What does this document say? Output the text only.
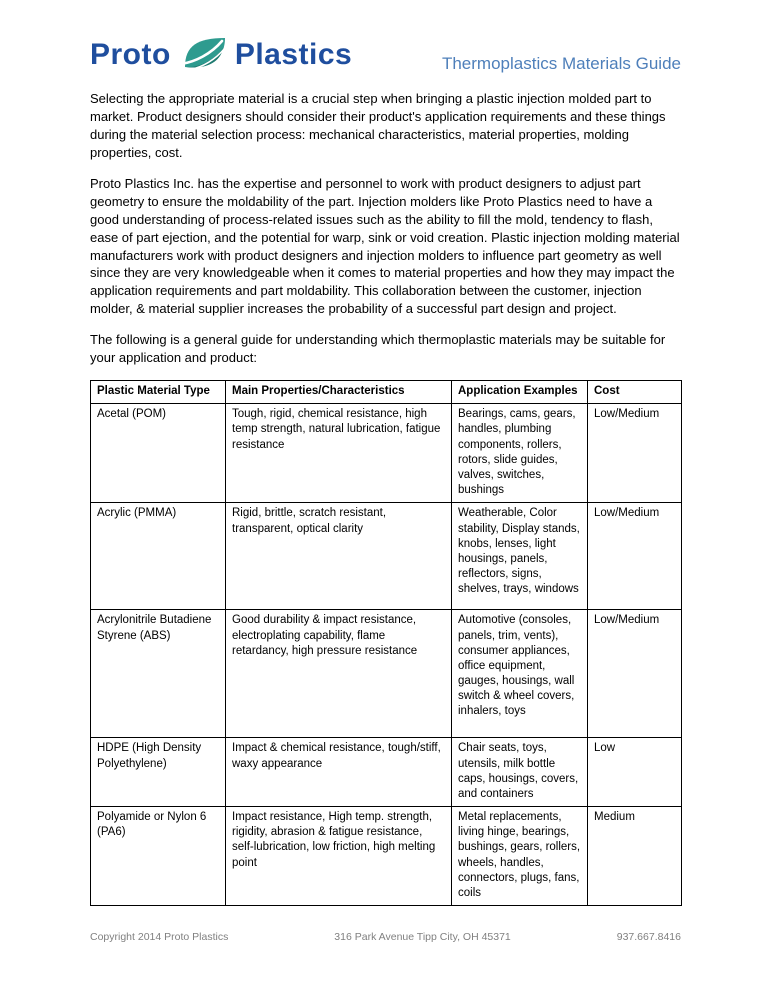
Proto Plastics	Thermoplastics Materials Guide

Selecting the appropriate material is a crucial step when bringing a plastic injection molded part to market. Product designers should consider their product's application requirements and these things during the material selection process: mechanical characteristics, material properties, molding properties, cost.

Proto Plastics Inc. has the expertise and personnel to work with product designers to adjust part geometry to ensure the moldability of the part. Injection molders like Proto Plastics need to have a good understanding of process-related issues such as the ability to fill the mold, tendency to flash, ease of part ejection, and the potential for warp, sink or void creation. Plastic injection molding material manufacturers work with product designers and injection molders to influence part geometry as well since they are very knowledgeable when it comes to material properties and how they may impact the application requirements and part moldability. This collaboration between the customer, injection molder, & material supplier increases the probability of a successful part design and project.

The following is a general guide for understanding which thermoplastic materials may be suitable for your application and product:

Plastic Material Type	Main Properties/Characteristics	Application Examples	Cost
Acetal (POM)	Tough, rigid, chemical resistance, high temp strength, natural lubrication, fatigue resistance	Bearings, cams, gears, handles, plumbing components, rollers, rotors, slide guides, valves, switches, bushings	Low/Medium
Acrylic (PMMA)	Rigid, brittle, scratch resistant, transparent, optical clarity	Weatherable, Color stability, Display stands, knobs, lenses, light housings, panels, reflectors, signs, shelves, trays, windows	Low/Medium
Acrylonitrile Butadiene Styrene (ABS)	Good durability & impact resistance, electroplating capability, flame retardancy, high pressure resistance	Automotive (consoles, panels, trim, vents), consumer appliances, office equipment, gauges, housings, wall switch & wheel covers, inhalers, toys	Low/Medium
HDPE (High Density Polyethylene)	Impact & chemical resistance, tough/stiff, waxy appearance	Chair seats, toys, utensils, milk bottle caps, housings, covers, and containers	Low
Polyamide or Nylon 6 (PA6)	Impact resistance, High temp. strength, rigidity, abrasion & fatigue resistance, self-lubrication, low friction, high melting point	Metal replacements, living hinge, bearings, bushings, gears, rollers, wheels, handles, connectors, plugs, fans, coils	Medium
Copyright 2014 Proto Plastics	316 Park Avenue Tipp City, OH 45371	937.667.8416
